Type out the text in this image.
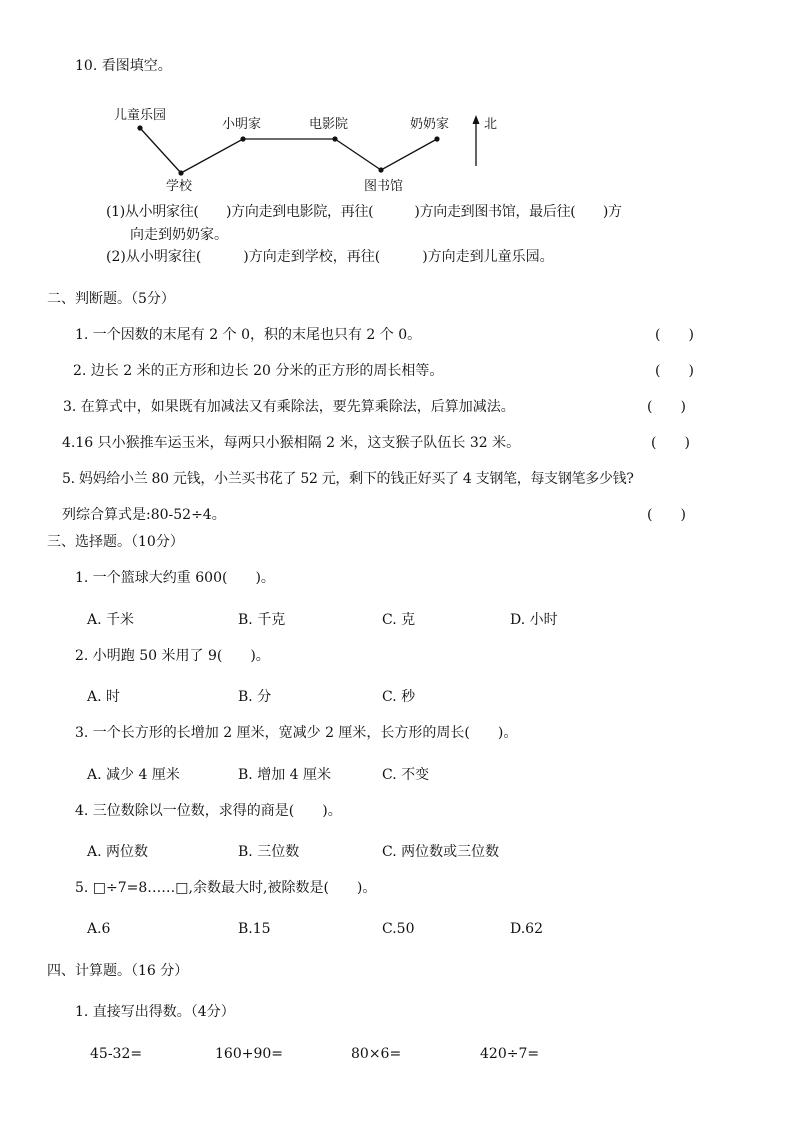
10. 看图填空。
儿童乐园
小明家	电影院	奶奶家	北
学校	图书馆
(1)从小明家往(　　)方向走到电影院，再往(　　　)方向走到图书馆，最后往(　　)方
向走到奶奶家。
(2)从小明家往(　　　)方向走到学校，再往(　　　)方向走到儿童乐园。
二、判断题。（5分）
1. 一个因数的末尾有 2 个 0，积的末尾也只有 2 个 0。	(　　)
2. 边长 2 米的正方形和边长 20 分米的正方形的周长相等。	(　　)
3. 在算式中，如果既有加减法又有乘除法，要先算乘除法，后算加减法。	(　　)
4.16 只小猴推车运玉米，每两只小猴相隔 2 米，这支猴子队伍长 32 米。	(　　)
5. 妈妈给小兰 80 元钱，小兰买书花了 52 元，剩下的钱正好买了 4 支钢笔，每支钢笔多少钱?
列综合算式是:80-52÷4。	(　　)
三、选择题。（10分）
1. 一个篮球大约重 600(　　)。
A. 千米	B. 千克	C. 克	D. 小时
2. 小明跑 50 米用了 9(　　)。
A. 时	B. 分	C. 秒
3. 一个长方形的长增加 2 厘米，宽减少 2 厘米，长方形的周长(　　)。
A. 减少 4 厘米	B. 增加 4 厘米	C. 不变
4. 三位数除以一位数，求得的商是(　　)。
A. 两位数	B. 三位数	C. 两位数或三位数
5. □÷7=8……□,余数最大时,被除数是(　　)。
A.6	B.15	C.50	D.62
四、计算题。（16 分）
1. 直接写出得数。（4分）
45-32=	160+90=	80×6=	420÷7=
